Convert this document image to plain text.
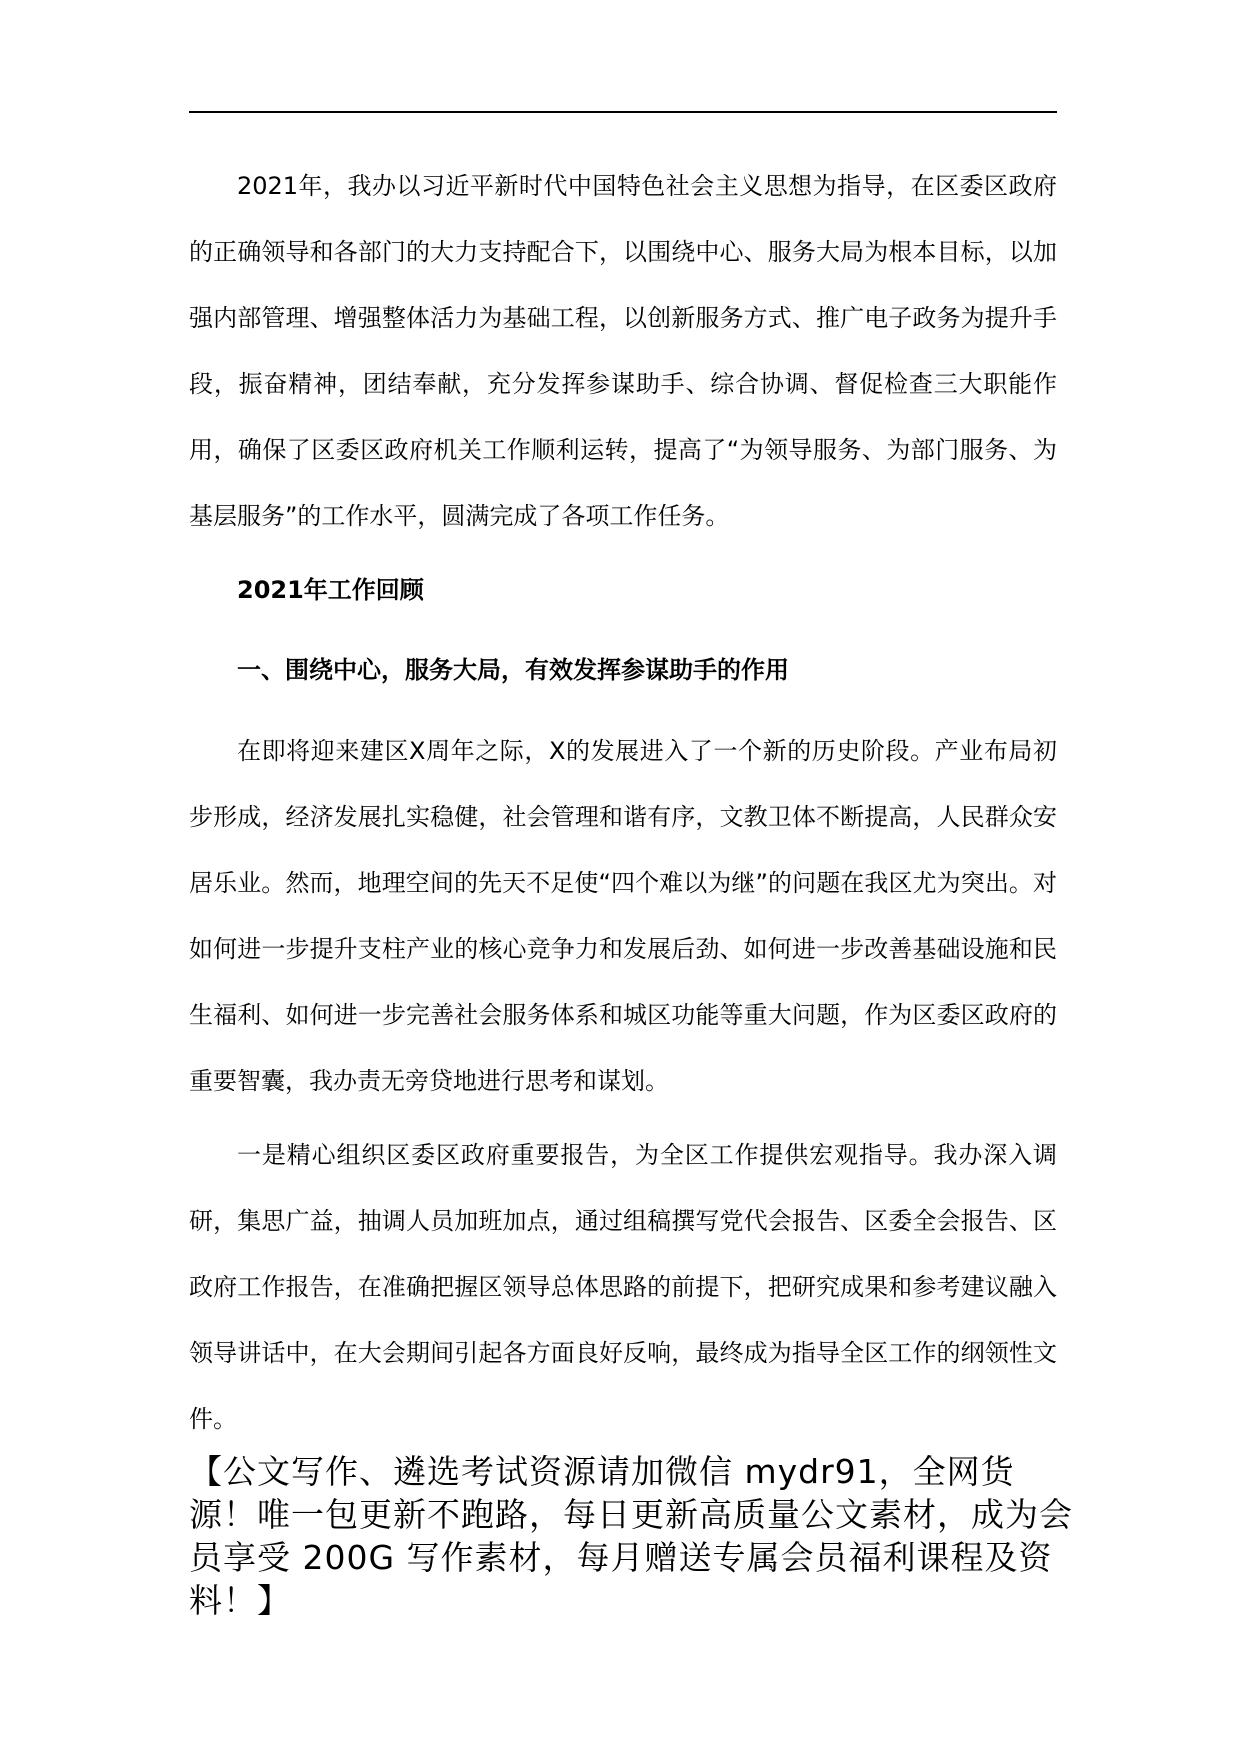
2021年，我办以习近平新时代中国特色社会主义思想为指导，在区委区政府的正确领导和各部门的大力支持配合下，以围绕中心、服务大局为根本目标，以加强内部管理、增强整体活力为基础工程，以创新服务方式、推广电子政务为提升手段，振奋精神，团结奉献，充分发挥参谋助手、综合协调、督促检查三大职能作用，确保了区委区政府机关工作顺利运转，提高了“为领导服务、为部门服务、为基层服务”的工作水平，圆满完成了各项工作任务。

2021年工作回顾

一、围绕中心，服务大局，有效发挥参谋助手的作用

在即将迎来建区X周年之际，X的发展进入了一个新的历史阶段。产业布局初步形成，经济发展扎实稳健，社会管理和谐有序，文教卫体不断提高，人民群众安居乐业。然而，地理空间的先天不足使“四个难以为继”的问题在我区尤为突出。对如何进一步提升支柱产业的核心竞争力和发展后劲、如何进一步改善基础设施和民生福利、如何进一步完善社会服务体系和城区功能等重大问题，作为区委区政府的重要智囊，我办责无旁贷地进行思考和谋划。

一是精心组织区委区政府重要报告，为全区工作提供宏观指导。我办深入调研，集思广益，抽调人员加班加点，通过组稿撰写党代会报告、区委全会报告、区政府工作报告，在准确把握区领导总体思路的前提下，把研究成果和参考建议融入领导讲话中，在大会期间引起各方面良好反响，最终成为指导全区工作的纲领性文件。

【公文写作、遴选考试资源请加微信 mydr91，全网货源！唯一包更新不跑路，每日更新高质量公文素材，成为会员享受 200G 写作素材，每月赠送专属会员福利课程及资料！】
